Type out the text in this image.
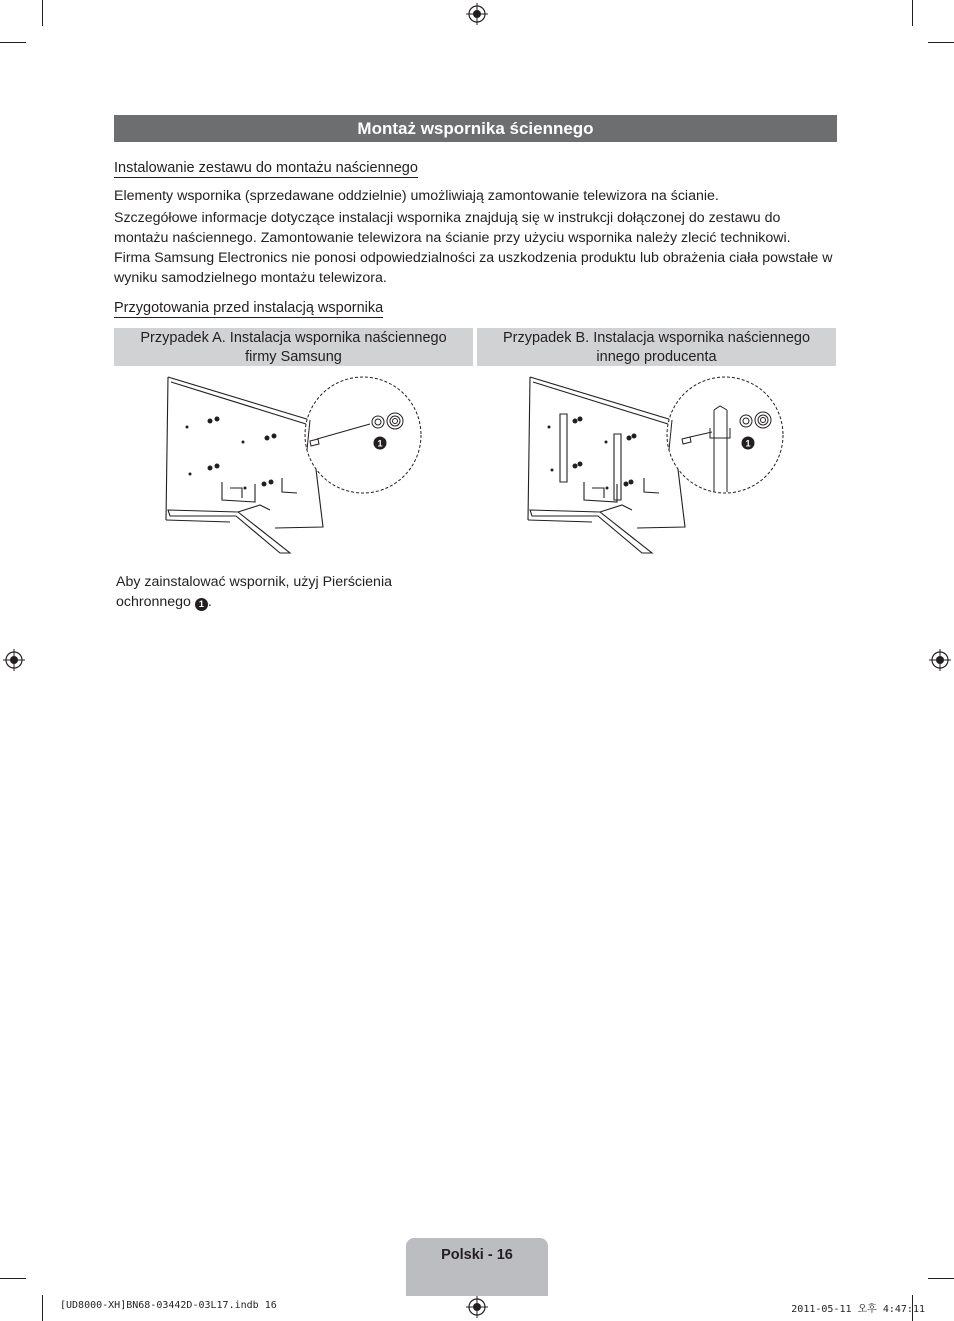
Montaż wspornika ściennego
Instalowanie zestawu do montażu naściennego

Elementy wspornika (sprzedawane oddzielnie) umożliwiają zamontowanie telewizora na ścianie.

Szczegółowe informacje dotyczące instalacji wspornika znajdują się w instrukcji dołączonej do zestawu do montażu naściennego. Zamontowanie telewizora na ścianie przy użyciu wspornika należy zlecić technikowi.

Firma Samsung Electronics nie ponosi odpowiedzialności za uszkodzenia produktu lub obrażenia ciała powstałe w wyniku samodzielnego montażu telewizora.

Przygotowania przed instalacją wspornika
Przypadek A. Instalacja wspornika naściennego firmy Samsung
Przypadek B. Instalacja wspornika naściennego innego producenta
1	1
Aby zainstalować wspornik, użyj Pierścienia ochronnego 1 .
Polski - 16
[UD8000-XH]BN68-03442D-03L17.indb 16	2011-05-11 오후 4:47:11
